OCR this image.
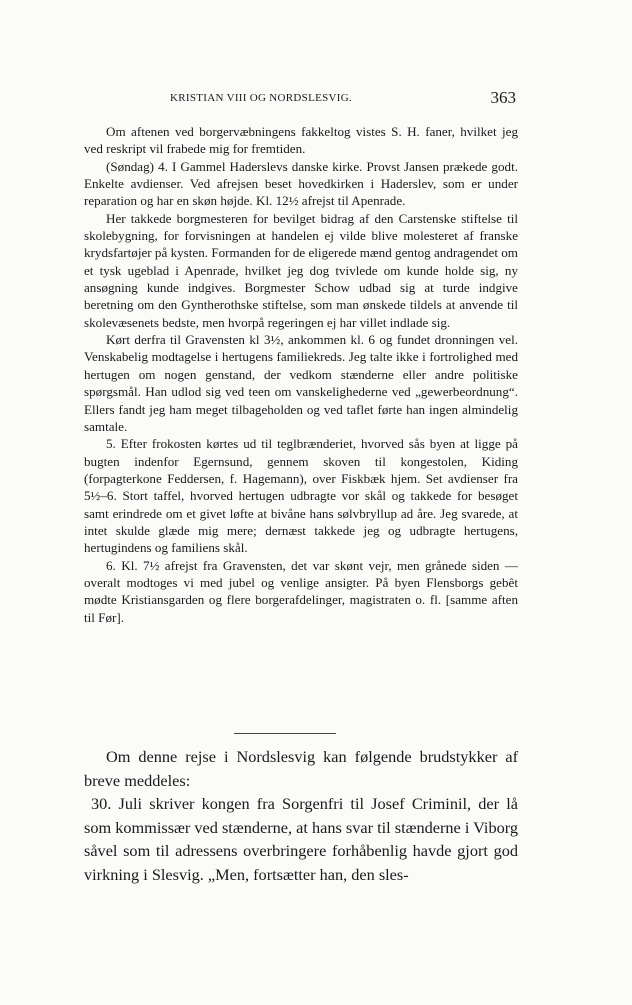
KRISTIAN VIII OG NORDSLESVIG.	363

Om aftenen ved borgervæbningens fakkeltog vistes S. H. faner, hvilket jeg ved reskript vil frabede mig for fremtiden.

(Søndag) 4. I Gammel Haderslevs danske kirke. Provst Jansen prækede godt. Enkelte avdienser. Ved afrejsen beset hovedkirken i Haderslev, som er under reparation og har en skøn højde. Kl. 12½ afrejst til Apenrade.

Her takkede borgmesteren for bevilget bidrag af den Carstenske stiftelse til skolebygning, for forvisningen at handelen ej vilde blive molesteret af franske krydsfartøjer på kysten. Formanden for de eligerede mænd gentog andragendet om et tysk ugeblad i Apenrade, hvilket jeg dog tvivlede om kunde holde sig, ny ansøgning kunde indgives. Borgmester Schow udbad sig at turde indgive beretning om den Gyntherothske stiftelse, som man ønskede tildels at anvende til skolevæsenets bedste, men hvorpå regeringen ej har villet indlade sig.

Kørt derfra til Gravensten kl 3½, ankommen kl. 6 og fundet dronningen vel. Venskabelig modtagelse i hertugens familiekreds. Jeg talte ikke i fortrolighed med hertugen om nogen genstand, der vedkom stænderne eller andre politiske spørgsmål. Han udlod sig ved teen om vanskelighederne ved „gewerbeordnung“. Ellers fandt jeg ham meget tilbageholden og ved taflet førte han ingen almindelig samtale.

5. Efter frokosten kørtes ud til teglbrænderiet, hvorved sås byen at ligge på bugten indenfor Egernsund, gennem skoven til kongestolen, Kiding (forpagterkone Feddersen, f. Hagemann), over Fiskbæk hjem. Set avdienser fra 5½–6. Stort taffel, hvorved hertugen udbragte vor skål og takkede for besøget samt erindrede om et givet løfte at bivåne hans sølvbryllup ad åre. Jeg svarede, at intet skulde glæde mig mere; dernæst takkede jeg og udbragte hertugens, hertugindens og familiens skål.

6. Kl. 7½ afrejst fra Gravensten, det var skønt vejr, men grånede siden — overalt modtoges vi med jubel og venlige ansigter. På byen Flensborgs gebêt mødte Kristiansgarden og flere borgerafdelinger, magistraten o. fl. [samme aften til Før].

Om denne rejse i Nordslesvig kan følgende brudstykker af breve meddeles:

30. Juli skriver kongen fra Sorgenfri til Josef Criminil, der lå som kommissær ved stænderne, at hans svar til stænderne i Viborg såvel som til adressens overbringere forhåbenlig havde gjort god virkning i Slesvig. „Men, fortsætter han, den sles-
